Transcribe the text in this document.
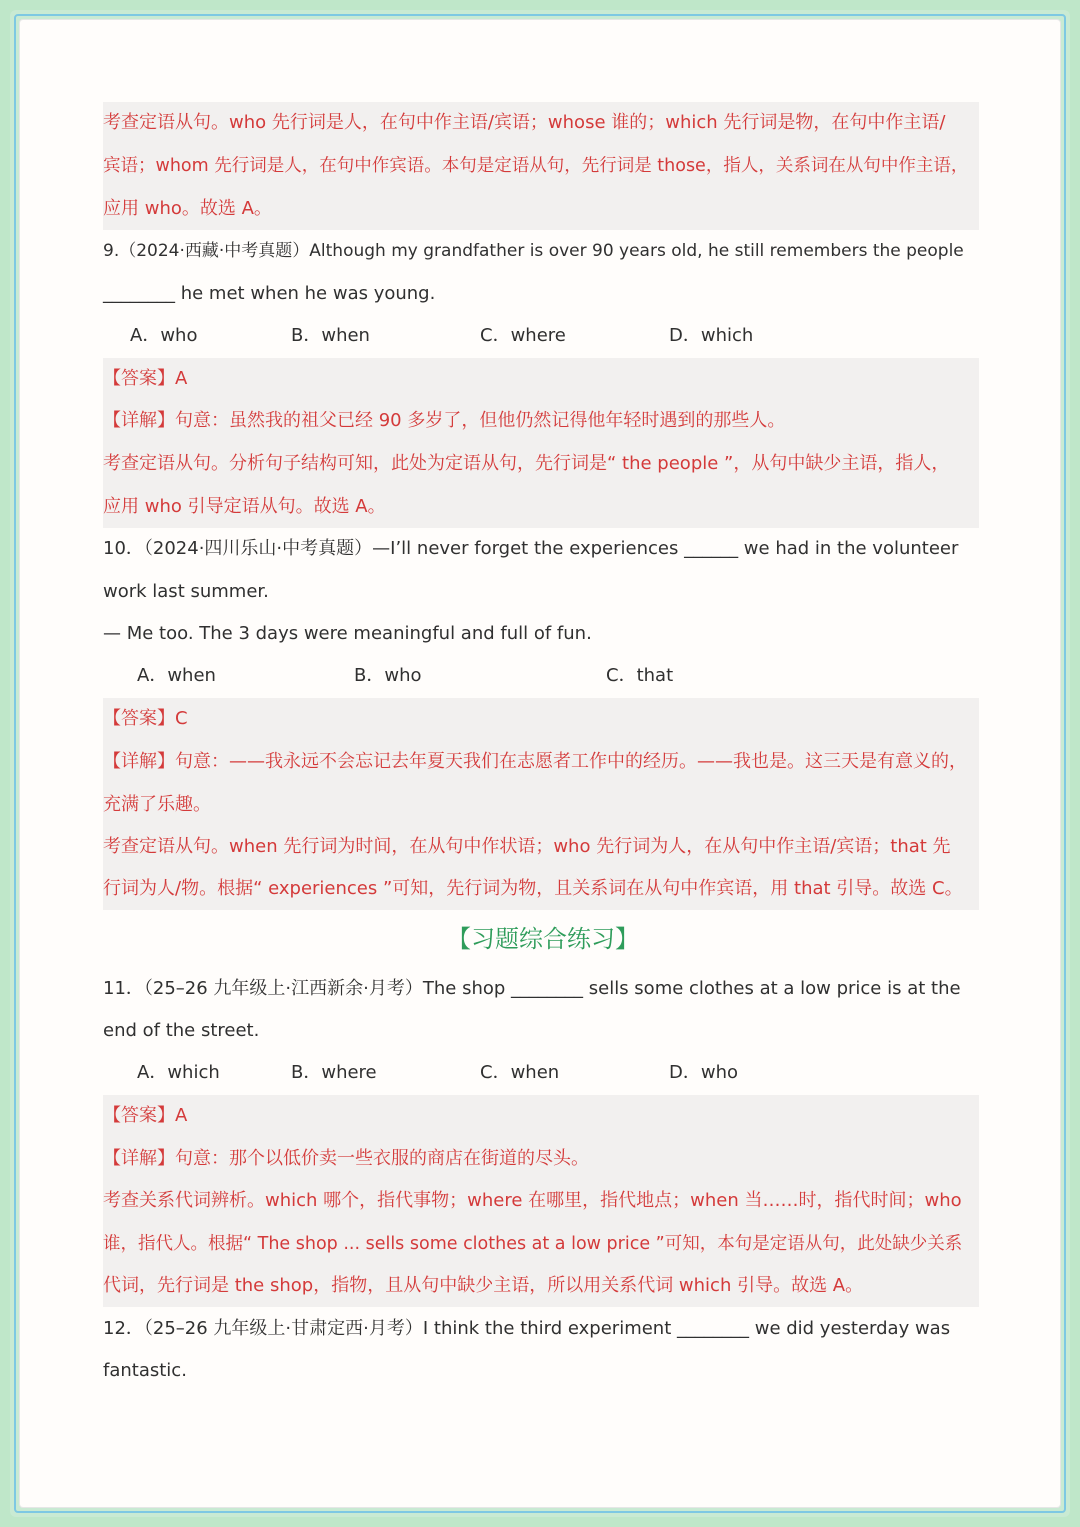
考查定语从句。who 先行词是人，在句中作主语/宾语；whose 谁的；which 先行词是物，在句中作主语/
宾语；whom 先行词是人，在句中作宾语。本句是定语从句，先行词是 those，指人，关系词在从句中作主语，
应用 who。故选 A。
9.（2024·西藏·中考真题）Although my grandfather is over 90 years old, he still remembers the people
________ he met when he was young.
A．who	B．when	C．where	D．which
【答案】A
【详解】句意：虽然我的祖父已经 90 多岁了，但他仍然记得他年轻时遇到的那些人。
考查定语从句。分析句子结构可知，此处为定语从句，先行词是“ the people ”，从句中缺少主语，指人，
应用 who 引导定语从句。故选 A。
10．（2024·四川乐山·中考真题）—I’ll never forget the experiences ______ we had in the volunteer
work last summer.
— Me too. The 3 days were meaningful and full of fun.
A．when	B．who	C．that
【答案】C
【详解】句意：——我永远不会忘记去年夏天我们在志愿者工作中的经历。——我也是。这三天是有意义的，
充满了乐趣。
考查定语从句。when 先行词为时间，在从句中作状语；who 先行词为人，在从句中作主语/宾语；that 先
行词为人/物。根据“ experiences ”可知，先行词为物，且关系词在从句中作宾语，用 that 引导。故选 C。
【习题综合练习】
11．（25–26 九年级上·江西新余·月考）The shop ________ sells some clothes at a low price is at the
end of the street.
A．which	B．where	C．when	D．who
【答案】A
【详解】句意：那个以低价卖一些衣服的商店在街道的尽头。
考查关系代词辨析。which 哪个，指代事物；where 在哪里，指代地点；when 当……时，指代时间；who
谁，指代人。根据“ The shop ... sells some clothes at a low price ”可知，本句是定语从句，此处缺少关系
代词，先行词是 the shop，指物，且从句中缺少主语，所以用关系代词 which 引导。故选 A。
12．（25–26 九年级上·甘肃定西·月考）I think the third experiment ________ we did yesterday was
fantastic.
